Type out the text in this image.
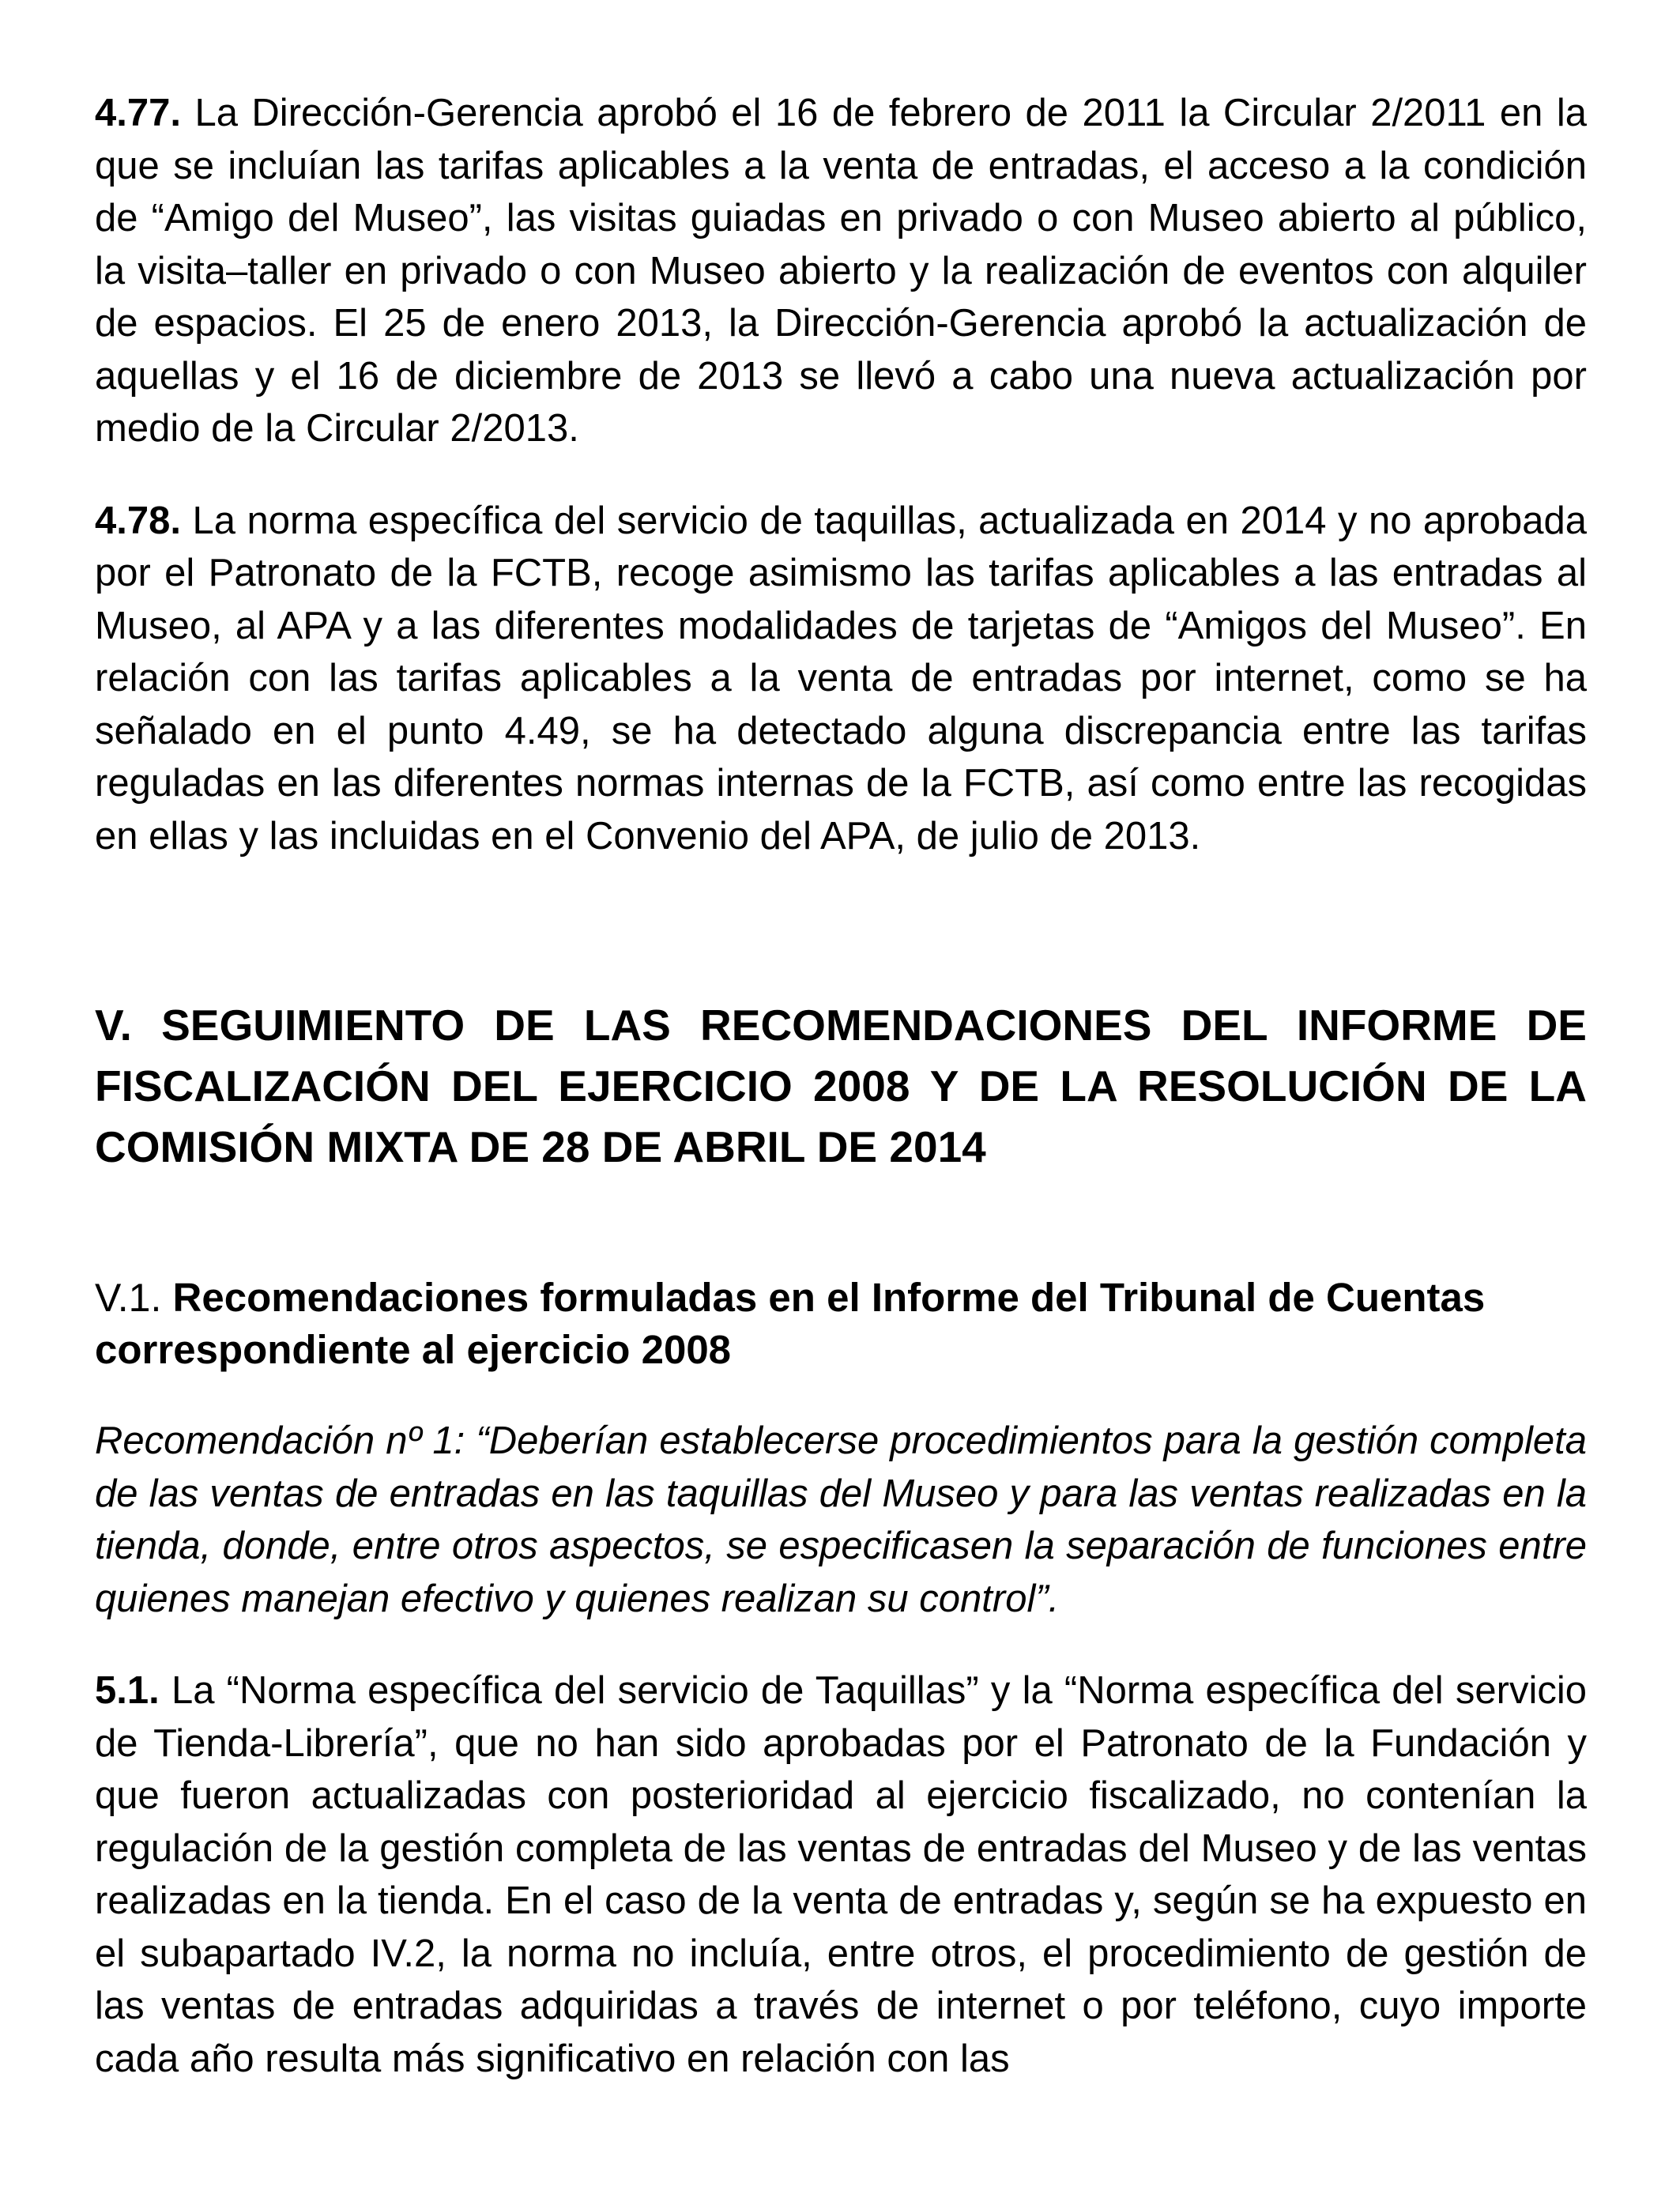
4.77. La Dirección-Gerencia aprobó el 16 de febrero de 2011 la Circular 2/2011 en la que se incluían las tarifas aplicables a la venta de entradas, el acceso a la condición de “Amigo del Museo”, las visitas guiadas en privado o con Museo abierto al público, la visita–taller en privado o con Museo abierto y la realización de eventos con alquiler de espacios. El 25 de enero 2013, la Dirección-Gerencia aprobó la actualización de aquellas y el 16 de diciembre de 2013 se llevó a cabo una nueva actualización por medio de la Circular 2/2013.

4.78. La norma específica del servicio de taquillas, actualizada en 2014 y no aprobada por el Patronato de la FCTB, recoge asimismo las tarifas aplicables a las entradas al Museo, al APA y a las diferentes modalidades de tarjetas de “Amigos del Museo”. En relación con las tarifas aplicables a la venta de entradas por internet, como se ha señalado en el punto 4.49, se ha detectado alguna discrepancia entre las tarifas reguladas en las diferentes normas internas de la FCTB, así como entre las recogidas en ellas y las incluidas en el Convenio del APA, de julio de 2013.

V. SEGUIMIENTO DE LAS RECOMENDACIONES DEL INFORME DE FISCALIZACIÓN DEL EJERCICIO 2008 Y DE LA RESOLUCIÓN DE LA COMISIÓN MIXTA DE 28 DE ABRIL DE 2014
V.1. Recomendaciones formuladas en el Informe del Tribunal de Cuentas correspondiente al ejercicio 2008

Recomendación nº 1: “Deberían establecerse procedimientos para la gestión completa de las ventas de entradas en las taquillas del Museo y para las ventas realizadas en la tienda, donde, entre otros aspectos, se especificasen la separación de funciones entre quienes manejan efectivo y quienes realizan su control”.

5.1. La “Norma específica del servicio de Taquillas” y la “Norma específica del servicio de Tienda-Librería”, que no han sido aprobadas por el Patronato de la Fundación y que fueron actualizadas con posterioridad al ejercicio fiscalizado, no contenían la regulación de la gestión completa de las ventas de entradas del Museo y de las ventas realizadas en la tienda. En el caso de la venta de entradas y, según se ha expuesto en el subapartado IV.2, la norma no incluía, entre otros, el procedimiento de gestión de las ventas de entradas adquiridas a través de internet o por teléfono, cuyo importe cada año resulta más significativo en relación con las
